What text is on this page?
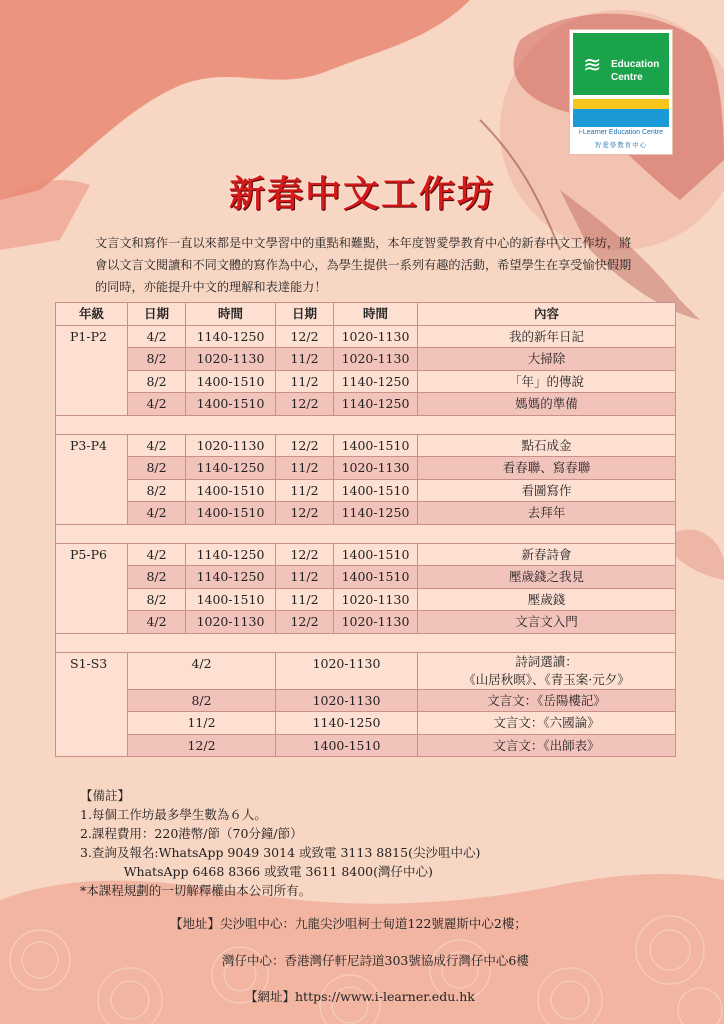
≋ Education
Centre
i-Learner Education Centre
智愛學教育中心
新春中文工作坊
文言文和寫作一直以來都是中文學習中的重點和難點，本年度智愛學教育中心的新春中文工作坊，將會以文言文閱讀和不同文體的寫作為中心，為學生提供一系列有趣的活動，希望學生在享受愉快假期的同時，亦能提升中文的理解和表達能力！
年級	日期	時間	日期	時間	內容
P1-P2	4/2	1140-1250	12/2	1020-1130	我的新年日記
	8/2	1020-1130	11/2	1020-1130	大掃除
	8/2	1400-1510	11/2	1140-1250	「年」的傳說
	4/2	1400-1510	12/2	1140-1250	媽媽的準備

P3-P4	4/2	1020-1130	12/2	1400-1510	點石成金
	8/2	1140-1250	11/2	1020-1130	看春聯、寫春聯
	8/2	1400-1510	11/2	1400-1510	看圖寫作
	4/2	1400-1510	12/2	1140-1250	去拜年

P5-P6	4/2	1140-1250	12/2	1400-1510	新春詩會
	8/2	1140-1250	11/2	1400-1510	壓歲錢之我見
	8/2	1400-1510	11/2	1020-1130	壓歲錢
	4/2	1020-1130	12/2	1020-1130	文言文入門

S1-S3	4/2		1020-1130		詩詞選讀：
《山居秋暝》、《青玉案·元夕》

	8/2		1020-1130		文言文：《岳陽樓記》
	11/2		1140-1250		文言文：《六國論》
	12/2		1400-1510		文言文：《出師表》
【備註】
1.每個工作坊最多學生數為６人。
2.課程費用：220港幣/節（70分鐘/節）
3.查詢及報名:WhatsApp 9049 3014 或致電 3113 8815(尖沙咀中心)
WhatsApp 6468 8366 或致電 3611 8400(灣仔中心)
*本課程規劃的一切解釋權由本公司所有。
【地址】尖沙咀中心：九龍尖沙咀柯士甸道122號麗斯中心2樓；
灣仔中心：香港灣仔軒尼詩道303號協成行灣仔中心6樓
【網址】https://www.i-learner.edu.hk
